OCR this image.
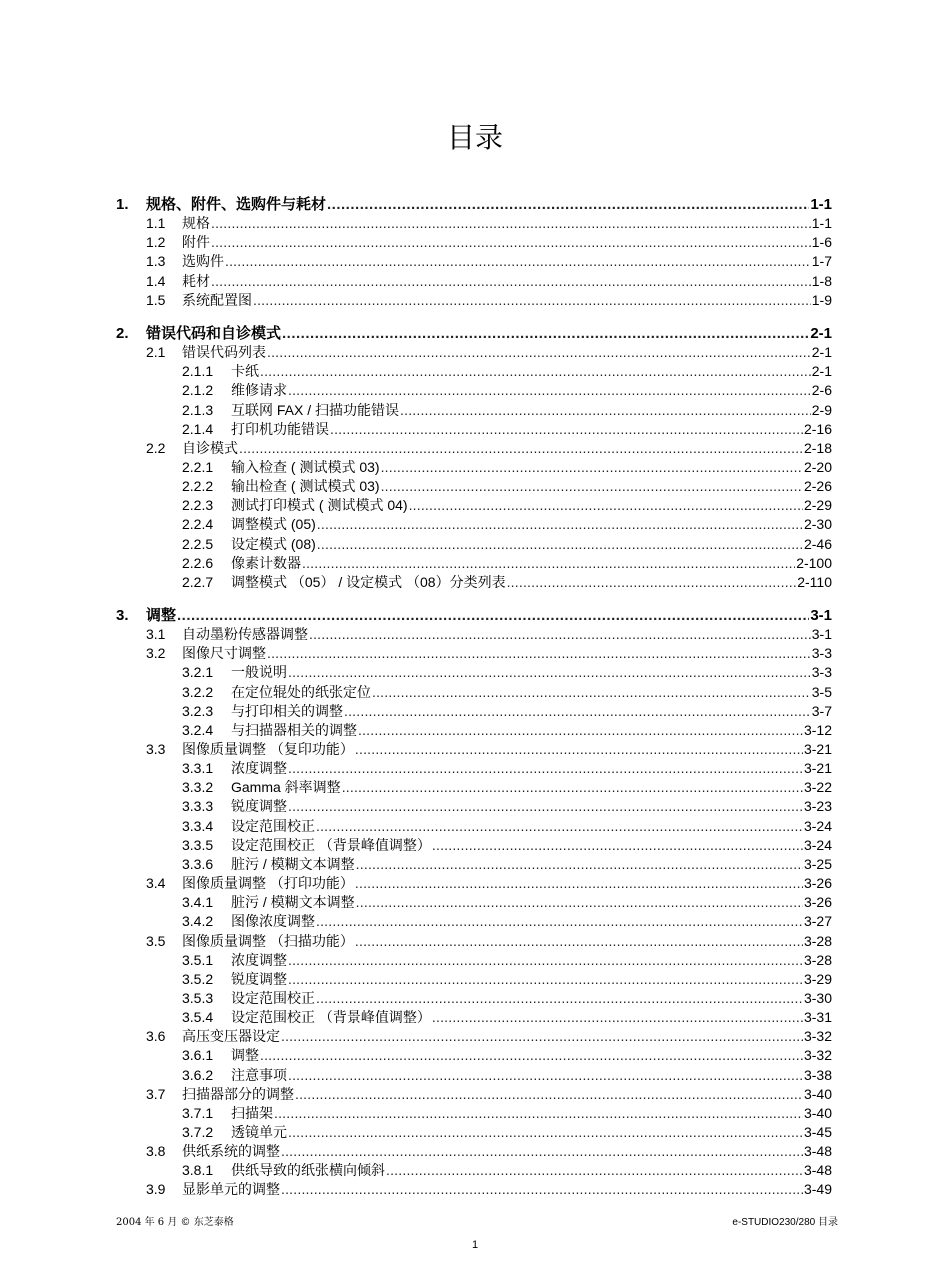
目录
1.	规格、附件、选购件与耗材 .....	1-1
1.1	规格 .....	1-1
1.2	附件 .....	1-6
1.3	选购件 .....	1-7
1.4	耗材 .....	1-8
1.5	系统配置图 .....	1-9
2.	错误代码和自诊模式 .....	2-1
2.1	错误代码列表 .....	2-1
2.1.1	卡纸 .....	2-1
2.1.2	维修请求 .....	2-6
2.1.3	互联网 FAX / 扫描功能错误 .....	2-9
2.1.4	打印机功能错误 .....	2-16
2.2	自诊模式 .....	2-18
2.2.1	输入检查 ( 测试模式 03) .....	2-20
2.2.2	输出检查 ( 测试模式 03) .....	2-26
2.2.3	测试打印模式 ( 测试模式 04) .....	2-29
2.2.4	调整模式 (05) .....	2-30
2.2.5	设定模式 (08) .....	2-46
2.2.6	像素计数器 .....	2-100
2.2.7	调整模式 （05） / 设定模式 （08）分类列表 .....	2-110
3.	调整 .....	3-1
3.1	自动墨粉传感器调整 .....	3-1
3.2	图像尺寸调整 .....	3-3
3.2.1	一般说明 .....	3-3
3.2.2	在定位辊处的纸张定位 .....	3-5
3.2.3	与打印相关的调整 .....	3-7
3.2.4	与扫描器相关的调整 .....	3-12
3.3	图像质量调整 （复印功能） .....	3-21
3.3.1	浓度调整 .....	3-21
3.3.2	Gamma 斜率调整 .....	3-22
3.3.3	锐度调整 .....	3-23
3.3.4	设定范围校正 .....	3-24
3.3.5	设定范围校正 （背景峰值调整） .....	3-24
3.3.6	脏污 / 模糊文本调整 .....	3-25
3.4	图像质量调整 （打印功能） .....	3-26
3.4.1	脏污 / 模糊文本调整 .....	3-26
3.4.2	图像浓度调整 .....	3-27
3.5	图像质量调整 （扫描功能） .....	3-28
3.5.1	浓度调整 .....	3-28
3.5.2	锐度调整 .....	3-29
3.5.3	设定范围校正 .....	3-30
3.5.4	设定范围校正 （背景峰值调整） .....	3-31
3.6	高压变压器设定 .....	3-32
3.6.1	调整 .....	3-32
3.6.2	注意事项 .....	3-38
3.7	扫描器部分的调整 .....	3-40
3.7.1	扫描架 .....	3-40
3.7.2	透镜单元 .....	3-45
3.8	供纸系统的调整 .....	3-48
3.8.1	供纸导致的纸张横向倾斜 .....	3-48
3.9	显影单元的调整 .....	3-49
2004 年 6 月 © 东芝泰格	e-STUDIO230/280 目录
1
